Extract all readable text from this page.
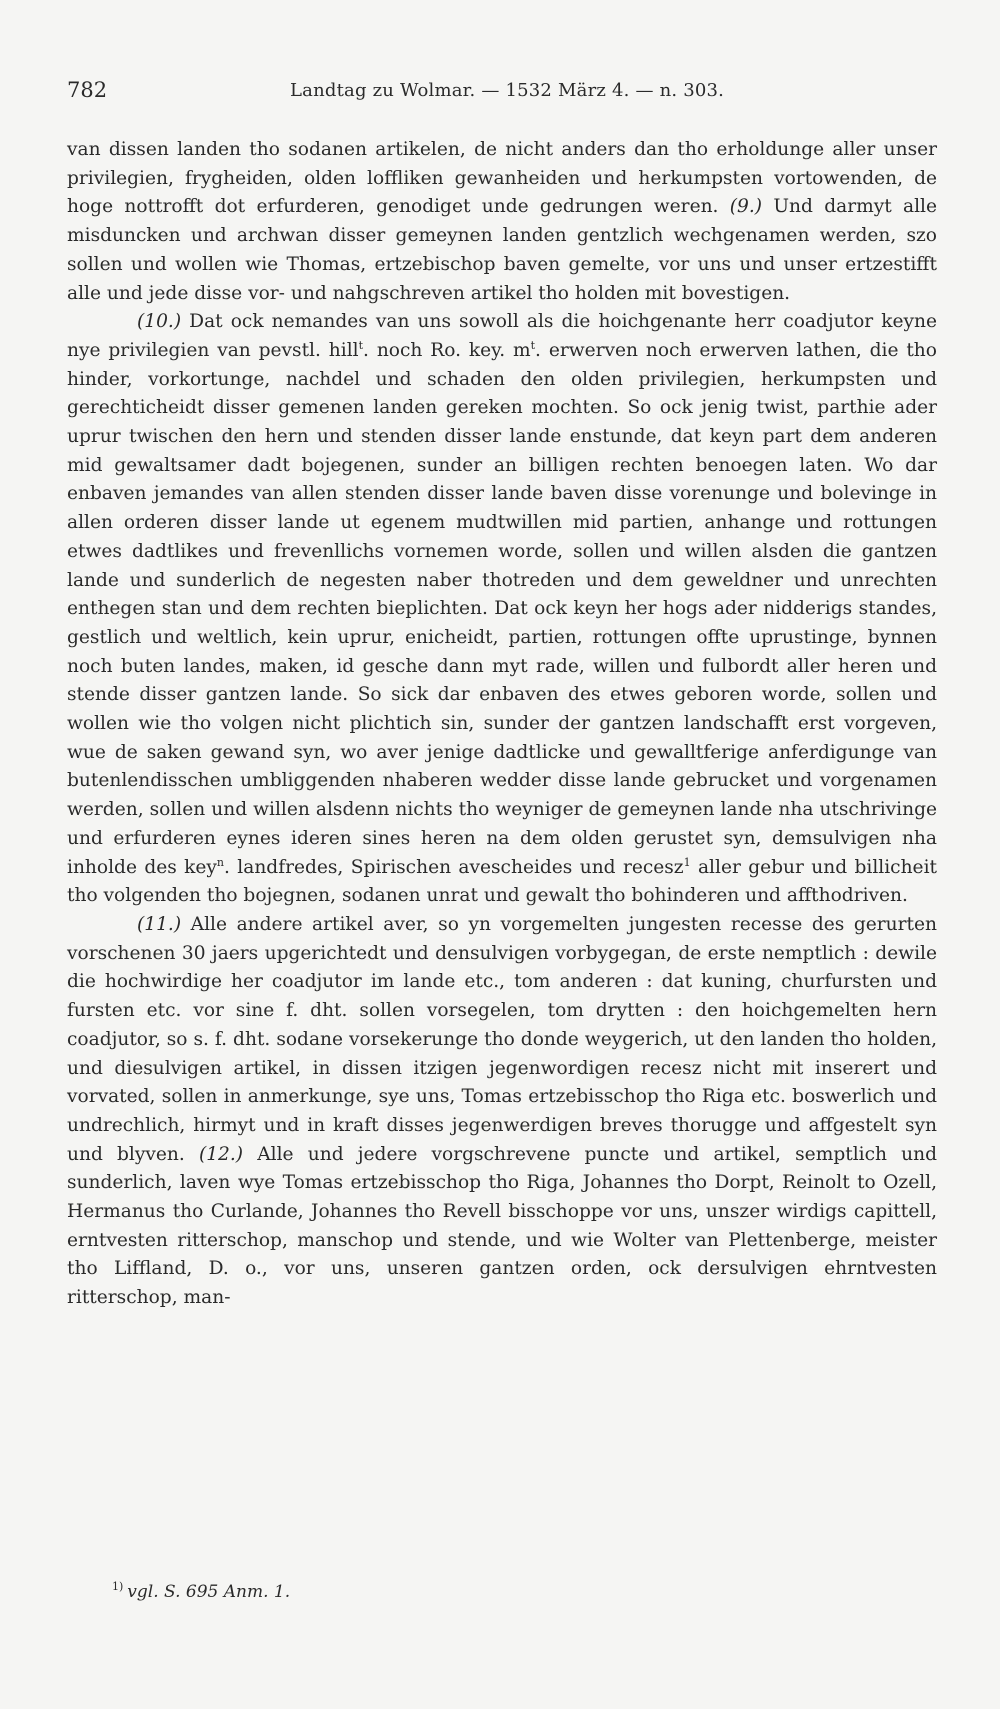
782	Landtag zu Wolmar. — 1532 März 4. — n. 303.

van dissen landen tho sodanen artikelen, de nicht anders dan tho erholdunge aller unser privilegien, frygheiden, olden loffliken gewanheiden und herkumpsten vortowenden, de hoge nottrofft dot erfurderen, genodiget unde gedrungen weren. (9.) Und darmyt alle misduncken und archwan disser gemeynen landen gentzlich wechgenamen werden, szo sollen und wollen wie Thomas, ertzebischop baven gemelte, vor uns und unser ertzestifft alle und jede disse vor- und nahgschreven artikel tho holden mit bovestigen.

(10.) Dat ock nemandes van uns sowoll als die hoichgenante herr coadjutor keyne nye privilegien van pevstl. hill$^t$. noch Ro. key. $m^t$. erwerven noch erwerven lathen, die tho hinder, vorkortunge, nachdel und schaden den olden privilegien, herkumpsten und gerechticheidt disser gemenen landen gereken mochten. So ock jenig twist, parthie ader uprur twischen den hern und stenden disser lande enstunde, dat keyn part dem anderen mid gewaltsamer dadt bojegenen, sunder an billigen rechten benoegen laten. Wo dar enbaven jemandes van allen stenden disser lande baven disse vorenunge und bolevinge in allen orderen disser lande ut egenem mudtwillen mid partien, anhange und rottungen etwes dadtlikes und frevenllichs vornemen worde, sollen und willen alsden die gantzen lande und sunderlich de negesten naber thotreden und dem geweldner und unrechten enthegen stan und dem rechten bieplichten. Dat ock keyn her hogs ader nidderigs standes, gestlich und weltlich, kein uprur, enicheidt, partien, rottungen offte uprustinge, bynnen noch buten landes, maken, id gesche dann myt rade, willen und fulbordt aller heren und stende disser gantzen lande. So sick dar enbaven des etwes geboren worde, sollen und wollen wie tho volgen nicht plichtich sin, sunder der gantzen landschafft erst vorgeven, wue de saken gewand syn, wo aver jenige dadtlicke und gewalltferige anferdigunge van butenlendisschen umbliggenden nhaberen wedder disse lande gebrucket und vorgenamen werden, sollen und willen alsdenn nichts tho weyniger de gemeynen lande nha utschrivinge und erfurderen eynes ideren sines heren na dem olden gerustet syn, demsulvigen nha inholde des key$^n$. landfredes, Spirischen avescheides und recesz$^1$ aller gebur und billicheit tho volgenden tho bojegnen, sodanen unrat und gewalt tho bohinderen und affthodriven.

(11.) Alle andere artikel aver, so yn vorgemelten jungesten recesse des gerurten vorschenen 30 jaers upgerichtedt und densulvigen vorbygegan, de erste nemptlich : dewile die hochwirdige her coadjutor im lande etc., tom anderen : dat kuning, churfursten und fursten etc. vor sine f. dht. sollen vorsegelen, tom drytten : den hoichgemelten hern coadjutor, so s. f. dht. sodane vorsekerunge tho donde weygerich, ut den landen tho holden, und diesulvigen artikel, in dissen itzigen jegenwordigen recesz nicht mit inserert und vorvated, sollen in anmerkunge, sye uns, Tomas ertzebisschop tho Riga etc. boswerlich und undrechlich, hirmyt und in kraft disses jegenwerdigen breves thorugge und affgestelt syn und blyven. (12.) Alle und jedere vorgschrevene puncte und artikel, semptlich und sunderlich, laven wye Tomas ertzebisschop tho Riga, Johannes tho Dorpt, Reinolt to Ozell, Hermanus tho Curlande, Johannes tho Revell bisschoppe vor uns, unszer wirdigs capittell, erntvesten ritterschop, manschop und stende, und wie Wolter van Plettenberge, meister tho Liffland, D. o., vor uns, unseren gantzen orden, ock dersulvigen ehrntvesten ritterschop, man-

$^{1)}$ vgl. S. 695 Anm. 1.
